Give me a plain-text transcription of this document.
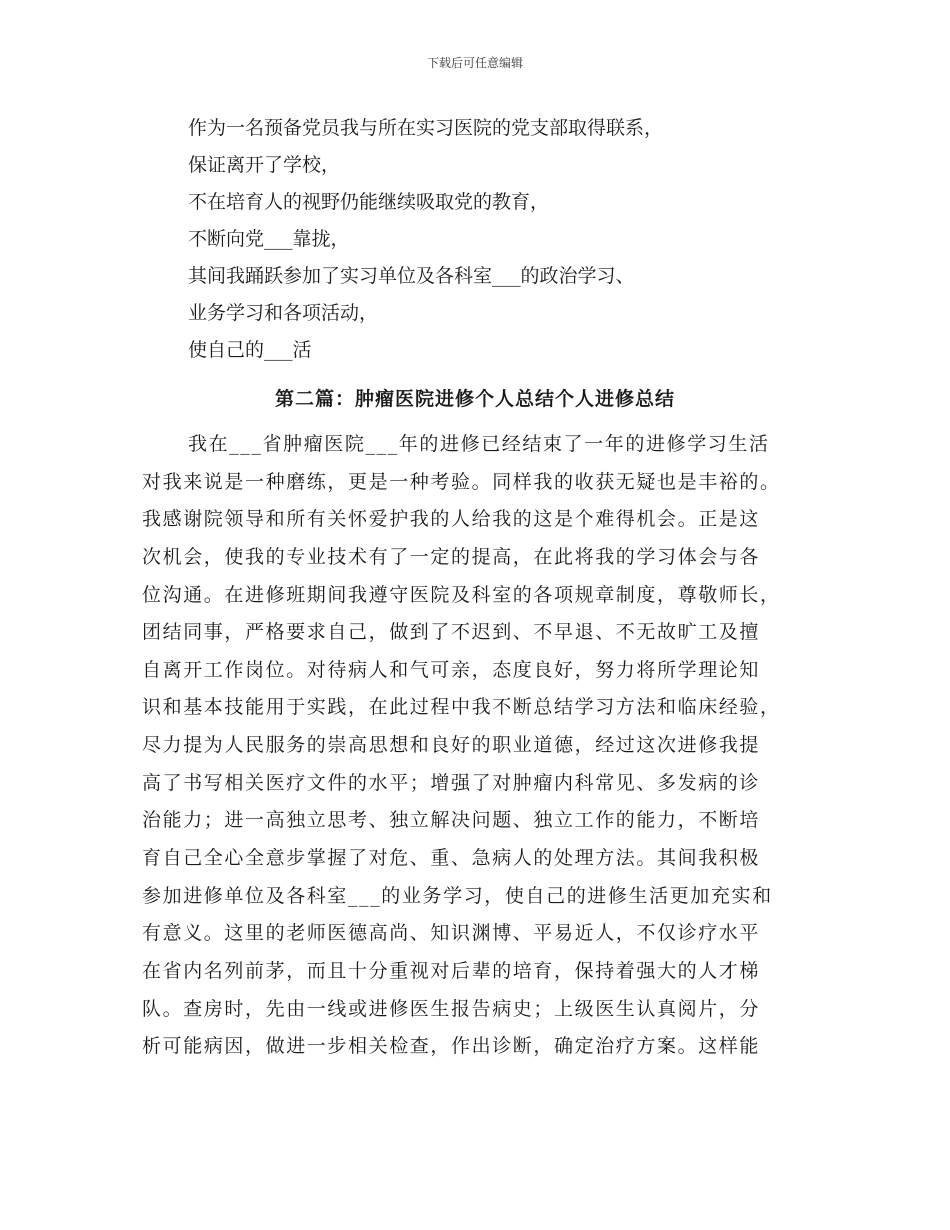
下载后可任意编辑
作为一名预备党员我与所在实习医院的党支部取得联系，
保证离开了学校，
不在培育人的视野仍能继续吸取党的教育，
不断向党___靠拢，
其间我踊跃参加了实习单位及各科室___的政治学习、
业务学习和各项活动，
使自己的___活
第二篇：肿瘤医院进修个人总结个人进修总结
我在___省肿瘤医院___年的进修已经结束了一年的进修学习生活
对我来说是一种磨练，更是一种考验。同样我的收获无疑也是丰裕的。
我感谢院领导和所有关怀爱护我的人给我的这是个难得机会。正是这
次机会，使我的专业技术有了一定的提高，在此将我的学习体会与各
位沟通。在进修班期间我遵守医院及科室的各项规章制度，尊敬师长，
团结同事，严格要求自己，做到了不迟到、不早退、不无故旷工及擅
自离开工作岗位。对待病人和气可亲，态度良好，努力将所学理论知
识和基本技能用于实践，在此过程中我不断总结学习方法和临床经验，
尽力提为人民服务的崇高思想和良好的职业道德，经过这次进修我提
高了书写相关医疗文件的水平；增强了对肿瘤内科常见、多发病的诊
治能力；进一高独立思考、独立解决问题、独立工作的能力，不断培
育自己全心全意步掌握了对危、重、急病人的处理方法。其间我积极
参加进修单位及各科室___的业务学习，使自己的进修生活更加充实和
有意义。这里的老师医德高尚、知识渊博、平易近人，不仅诊疗水平
在省内名列前茅，而且十分重视对后辈的培育，保持着强大的人才梯
队。查房时，先由一线或进修医生报告病史；上级医生认真阅片，分
析可能病因，做进一步相关检查，作出诊断，确定治疗方案。这样能
